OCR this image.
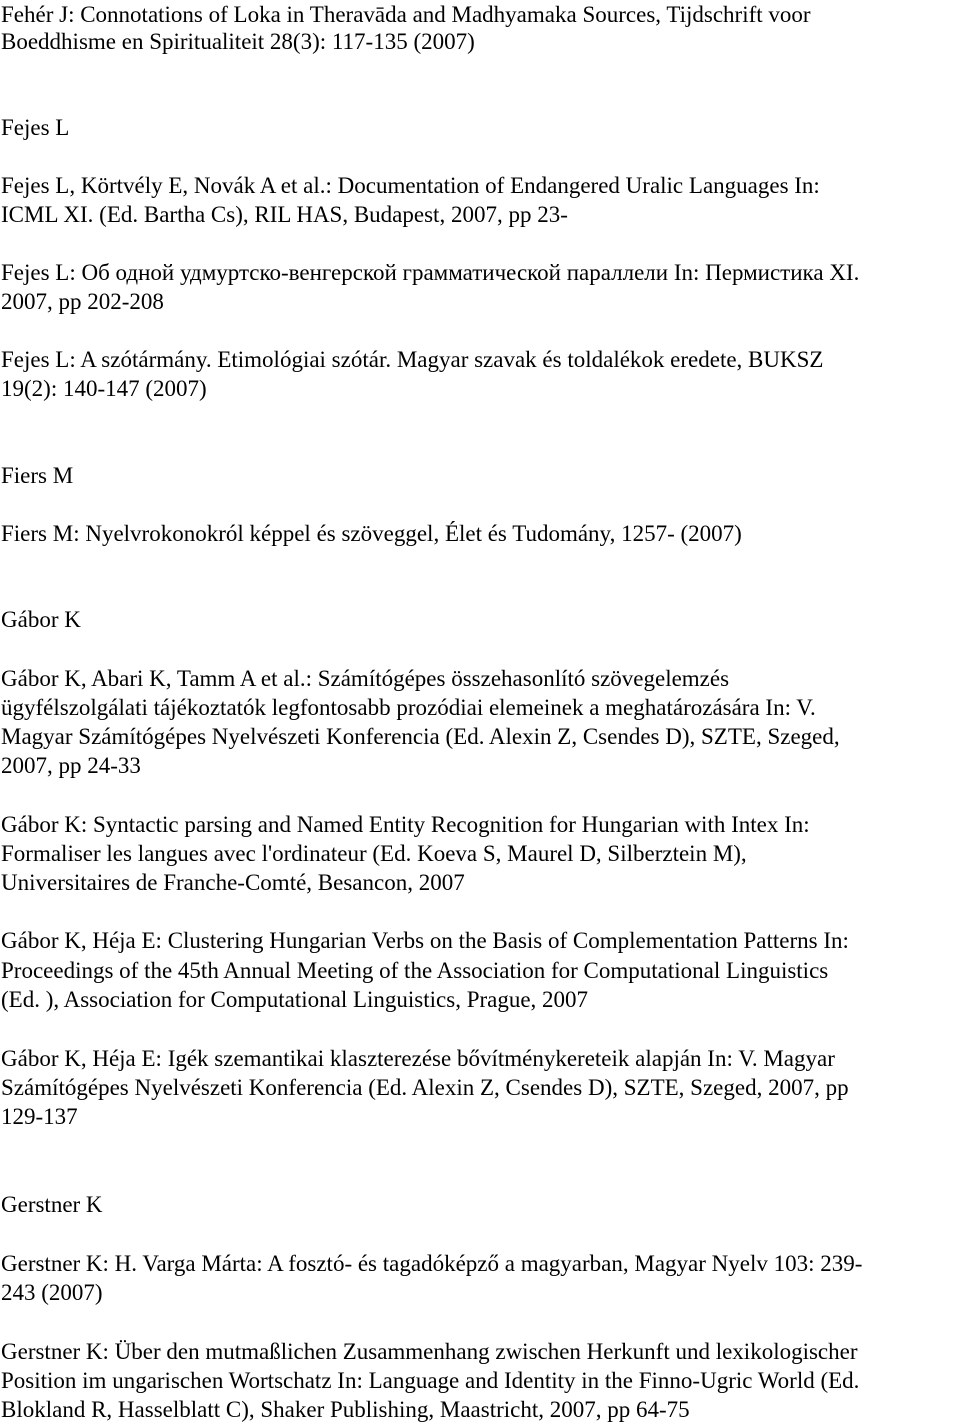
Fehér J: Connotations of Loka in Theravāda and Madhyamaka Sources, Tijdschrift voor
Boeddhisme en Spiritualiteit 28(3): 117-135 (2007)
Fejes L
Fejes L, Körtvély E, Novák A et al.: Documentation of Endangered Uralic Languages In:
ICML XI. (Ed. Bartha Cs), RIL HAS, Budapest, 2007, pp 23-
Fejes L: Об одной удмуртско-венгерской грамматической параллели In: Пермистика XI.
2007, pp 202-208
Fejes L: A szótármány. Etimológiai szótár. Magyar szavak és toldalékok eredete, BUKSZ
19(2): 140-147 (2007)
Fiers M
Fiers M: Nyelvrokonokról képpel és szöveggel, Élet és Tudomány, 1257- (2007)
Gábor K
Gábor K, Abari K, Tamm A et al.: Számítógépes összehasonlító szövegelemzés
ügyfélszolgálati tájékoztatók legfontosabb prozódiai elemeinek a meghatározására In: V.
Magyar Számítógépes Nyelvészeti Konferencia (Ed. Alexin Z, Csendes D), SZTE, Szeged,
2007, pp 24-33
Gábor K: Syntactic parsing and Named Entity Recognition for Hungarian with Intex In:
Formaliser les langues avec l'ordinateur (Ed. Koeva S, Maurel D, Silberztein M),
Universitaires de Franche-Comté, Besancon, 2007
Gábor K, Héja E: Clustering Hungarian Verbs on the Basis of Complementation Patterns In:
Proceedings of the 45th Annual Meeting of the Association for Computational Linguistics
(Ed. ), Association for Computational Linguistics, Prague, 2007
Gábor K, Héja E: Igék szemantikai klaszterezése bővítménykereteik alapján In: V. Magyar
Számítógépes Nyelvészeti Konferencia (Ed. Alexin Z, Csendes D), SZTE, Szeged, 2007, pp
129-137
Gerstner K
Gerstner K: H. Varga Márta: A fosztó- és tagadóképző a magyarban, Magyar Nyelv 103: 239-
243 (2007)
Gerstner K: Über den mutmaßlichen Zusammenhang zwischen Herkunft und lexikologischer
Position im ungarischen Wortschatz In: Language and Identity in the Finno-Ugric World (Ed.
Blokland R, Hasselblatt C), Shaker Publishing, Maastricht, 2007, pp 64-75
